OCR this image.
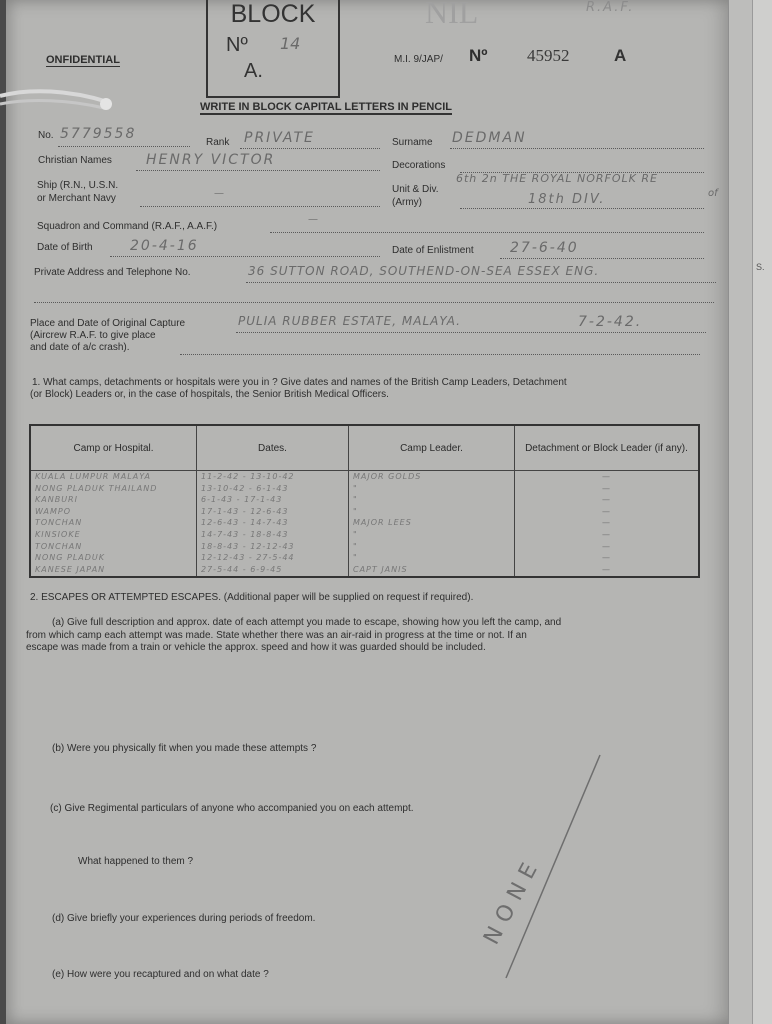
S.
BLOCK
Nº 14
A.
ONFIDENTIAL
NIL	R.A.F.
M.I. 9/JAP/ Nº 45952	A
WRITE IN BLOCK CAPITAL LETTERS IN PENCIL
No. 5779558
Rank PRIVATE	Surname DEDMAN
Christian Names HENRY VICTOR	Decorations
Ship (R.N., U.S.N.
or Merchant Navy	—	Unit & Div.
(Army)
6th 2n THE ROYAL NORFOLK RE
18th DIV.	of
Squadron and Command (R.A.F., A.A.F.)
—
Date of Birth	20-4-16	Date of Enlistment	27-6-40
Private Address and Telephone No.	36 SUTTON ROAD, SOUTHEND-ON-SEA ESSEX ENG.
Place and Date of Original Capture
(Aircrew R.A.F. to give place
and date of a/c crash).
PULIA RUBBER ESTATE, MALAYA.	7-2-42.
1. What camps, detachments or hospitals were you in ? Give dates and names of the British Camp Leaders, Detachment
(or Block) Leaders or, in the case of hospitals, the Senior British Medical Officers.
Camp or Hospital.	Dates.	Camp Leader.	Detachment or Block Leader (if any).
KUALA LUMPUR MALAYA	11-2-42 - 13-10-42	MAJOR GOLDS	—
NONG PLADUK THAILAND	13-10-42 - 6-1-43	"	—
KANBURI	6-1-43 - 17-1-43	"	—
WAMPO	17-1-43 - 12-6-43	"	—
TONCHAN	12-6-43 - 14-7-43	MAJOR LEES	—
KINSIOKE	14-7-43 - 18-8-43	"	—
TONCHAN	18-8-43 - 12-12-43	"	—
NONG PLADUK	12-12-43 - 27-5-44	"	—
KANESE JAPAN	27-5-44 - 6-9-45	CAPT JANIS	—
2. ESCAPES OR ATTEMPTED ESCAPES. (Additional paper will be supplied on request if required).
(a) Give full description and approx. date of each attempt you made to escape, showing how you left the camp, and
from which camp each attempt was made. State whether there was an air-raid in progress at the time or not. If an
escape was made from a train or vehicle the approx. speed and how it was guarded should be included.
(b) Were you physically fit when you made these attempts ?
(c) Give Regimental particulars of anyone who accompanied you on each attempt.
What happened to them ?
(d) Give briefly your experiences during periods of freedom.
(e) How were you recaptured and on what date ?
NONE
